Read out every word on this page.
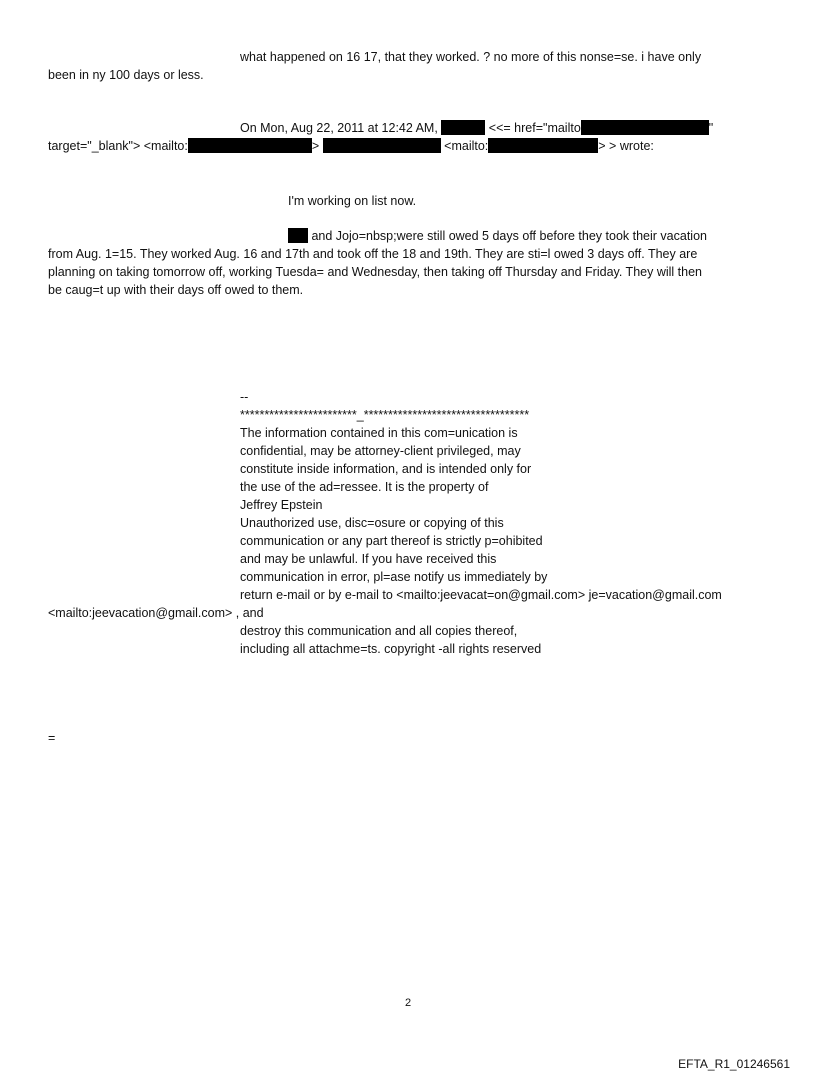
what happened on 16 17, that they worked. ? no more of this nonse=se. i have only
been in ny 100 days or less.
On Mon, Aug 22, 2011 at 12:42 AM,	<<= href="mailto	"
target="_blank"> <mailto:	>	<mailto:	> > wrote:
I'm working on list now.
and Jojo=nbsp;were still owed 5 days off before they took their vacation
from Aug. 1=15. They worked Aug. 16 and 17th and took off the 18 and 19th. They are sti=l owed 3 days off. They are
planning on taking tomorrow off, working Tuesda= and Wednesday, then taking off Thursday and Friday. They will then
be caug=t up with their days off owed to them.
--
************************_**********************************
The information contained in this com=unication is
confidential, may be attorney-client privileged, may
constitute inside information, and is intended only for
the use of the ad=ressee. It is the property of
Jeffrey Epstein
Unauthorized use, disc=osure or copying of this
communication or any part thereof is strictly p=ohibited
and may be unlawful. If you have received this
communication in error, pl=ase notify us immediately by
return e-mail or by e-mail to <mailto:jeevacat=on@gmail.com> je=vacation@gmail.com
<mailto:jeevacation@gmail.com> , and
destroy this communication and all copies thereof,
including all attachme=ts. copyright -all rights reserved
=
2
EFTA_R1_01246561
